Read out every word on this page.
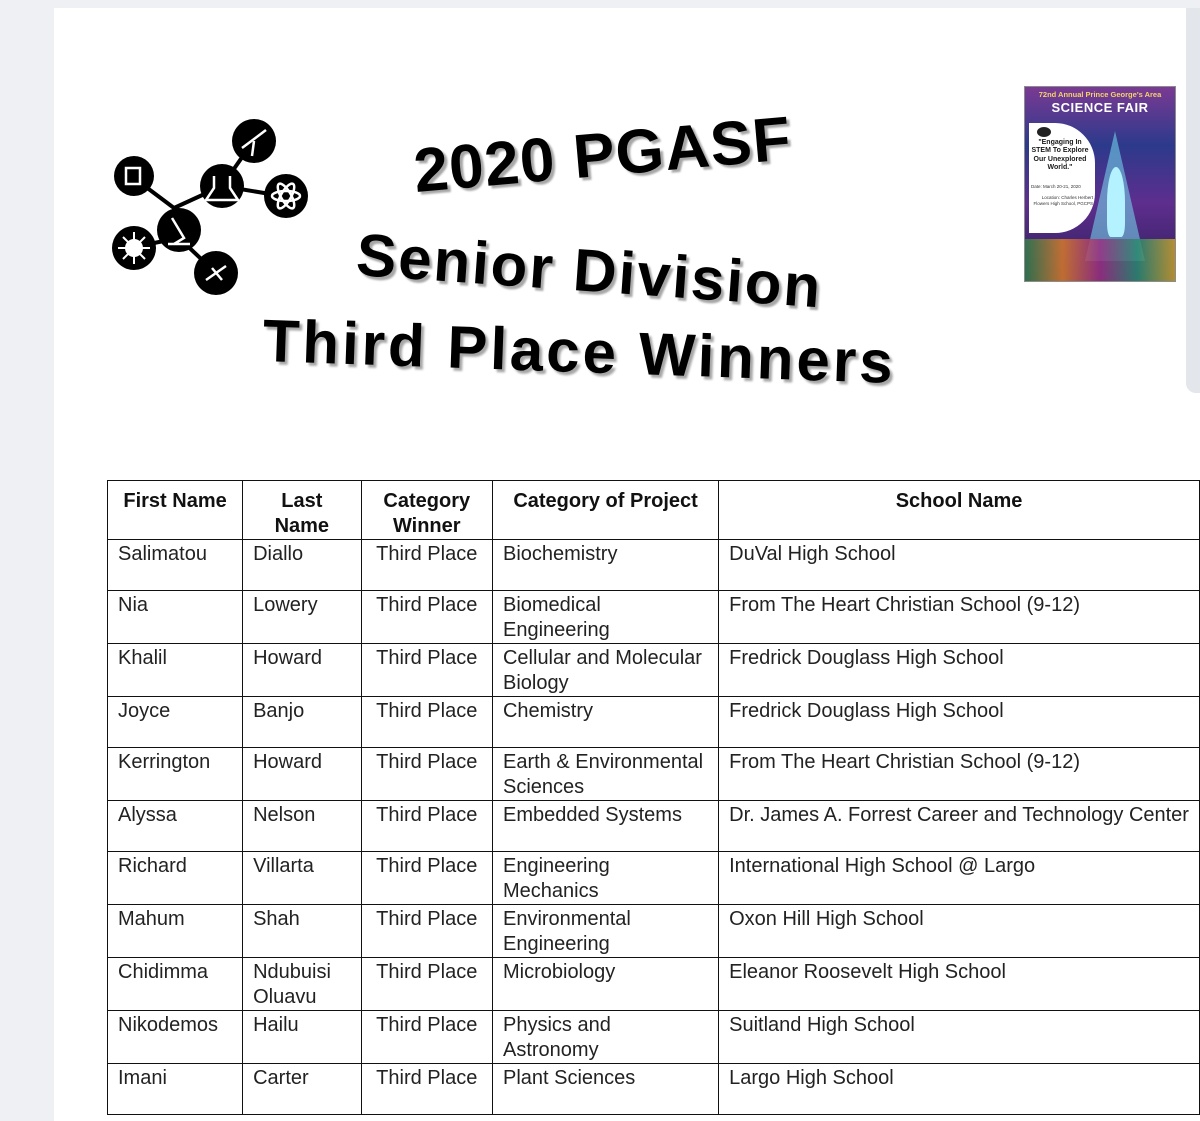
72nd Annual Prince George's Area
SCIENCE FAIR
"Engaging In STEM To Explore Our Unexplored World."
Date: March 20-21, 2020
Location: Charles Herbert Flowers High School, PGCPS
2020 PGASF
Senior Division
Third Place Winners
First Name	Last Name	Category Winner	Category of Project	School Name
Salimatou	Diallo	Third Place	Biochemistry	DuVal High School
Nia	Lowery	Third Place	Biomedical Engineering	From The Heart Christian School (9-12)
Khalil	Howard	Third Place	Cellular and Molecular Biology	Fredrick Douglass High School
Joyce	Banjo	Third Place	Chemistry	Fredrick Douglass High School
Kerrington	Howard	Third Place	Earth & Environmental Sciences	From The Heart Christian School (9-12)
Alyssa	Nelson	Third Place	Embedded Systems	Dr. James A. Forrest Career and Technology Center
Richard	Villarta	Third Place	Engineering Mechanics	International High School @ Largo
Mahum	Shah	Third Place	Environmental Engineering	Oxon Hill High School
Chidimma	Ndubuisi Oluavu	Third Place	Microbiology	Eleanor Roosevelt High School
Nikodemos	Hailu	Third Place	Physics and Astronomy	Suitland High School
Imani	Carter	Third Place	Plant Sciences	Largo High School
